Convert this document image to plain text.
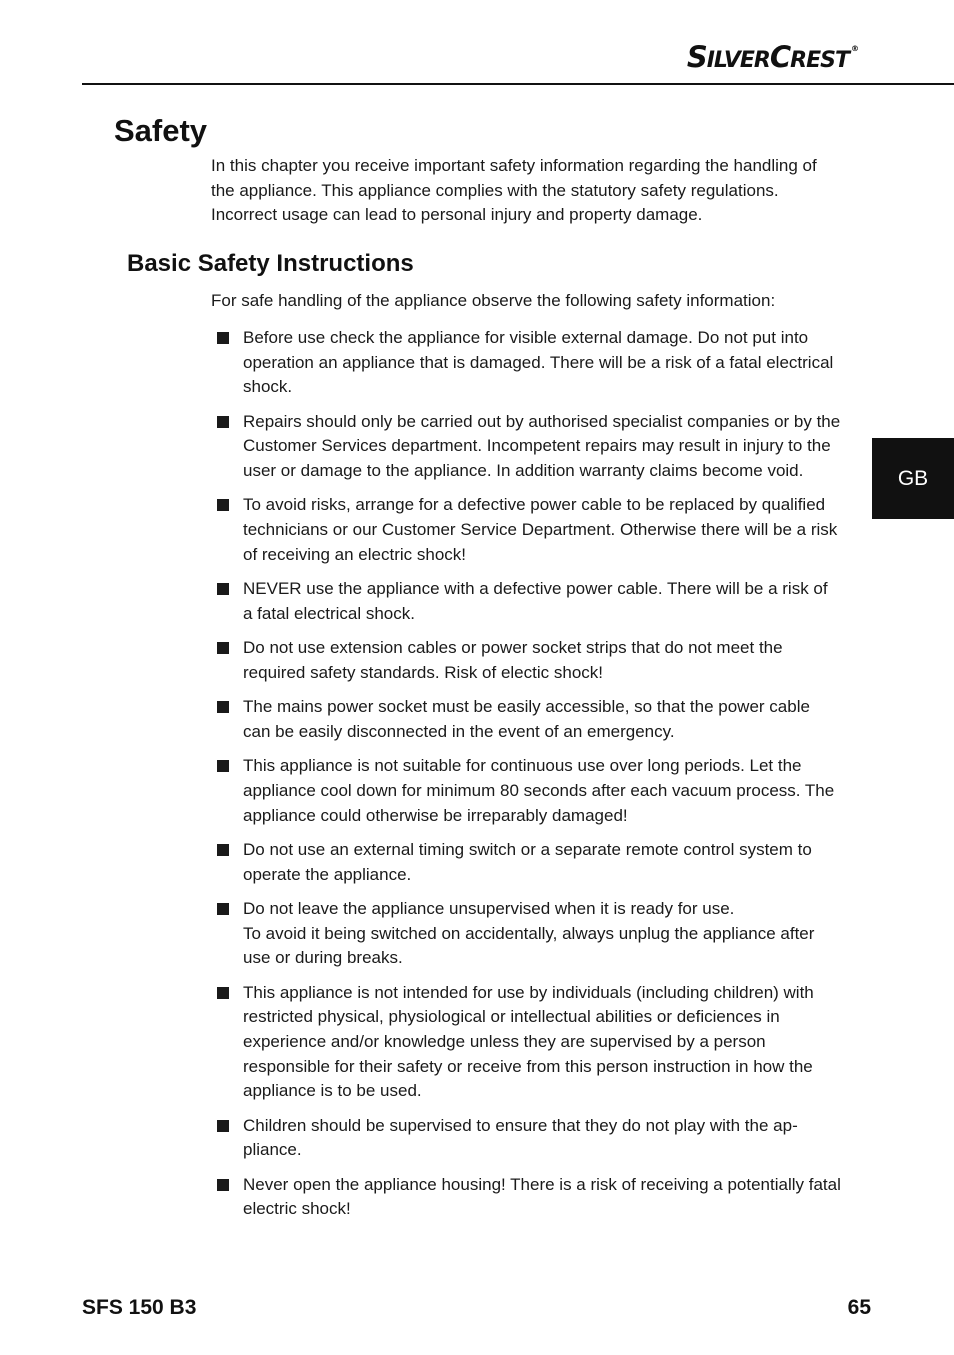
SILVERCREST ®
Safety

In this chapter you receive important safety information regarding the handling of the appliance. This appliance complies with the statutory safety regulations. Incorrect usage can lead to personal injury and property damage.

Basic Safety Instructions

For safe handling of the appliance observe the following safety information:

Before use check the appliance for visible external damage. Do not put into operation an appliance that is damaged. There will be a risk of a fatal electrical shock.
Repairs should only be carried out by authorised specialist companies or by the Customer Services department. Incompetent repairs may result in injury to the user or damage to the appliance. In addition warranty claims become void.
To avoid risks, arrange for a defective power cable to be replaced by qualified technicians or our Customer Service Department. Otherwise there will be a risk of receiving an electric shock!
NEVER use the appliance with a defective power cable. There will be a risk of a fatal electrical shock.
Do not use extension cables or power socket strips that do not meet the required safety standards. Risk of electic shock!
The mains power socket must be easily accessible, so that the power cable can be easily disconnected in the event of an emergency.
This appliance is not suitable for continuous use over long periods. Let the appliance cool down for minimum 80 seconds after each vacuum process. The appliance could otherwise be irreparably damaged!
Do not use an external timing switch or a separate remote control system to operate the appliance.
Do not leave the appliance unsupervised when it is ready for use.
To avoid it being switched on accidentally, always unplug the appliance after use or during breaks.
This appliance is not intended for use by individuals (including children) with restricted physical, physiological or intellectual abilities or deficiences in experience and/or knowledge unless they are supervised by a person responsible for their safety or receive from this person instruction in how the appliance is to be used.
Children should be supervised to ensure that they do not play with the ap-pliance.
Never open the appliance housing! There is a risk of receiving a potentially fatal electric shock!
GB
SFS 150 B3	65
